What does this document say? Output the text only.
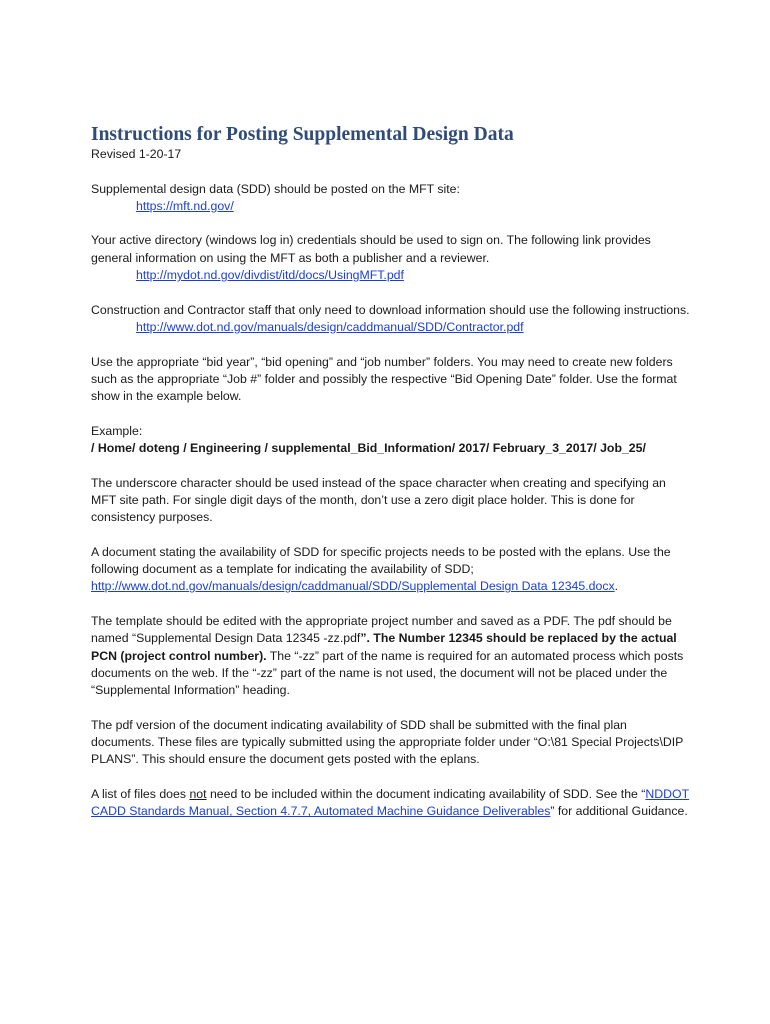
Instructions for Posting Supplemental Design Data

Revised 1-20-17

Supplemental design data (SDD) should be posted on the MFT site:
https://mft.nd.gov/

Your active directory (windows log in) credentials should be used to sign on. The following link provides general information on using the MFT as both a publisher and a reviewer.
http://mydot.nd.gov/divdist/itd/docs/UsingMFT.pdf

Construction and Contractor staff that only need to download information should use the following instructions.
http://www.dot.nd.gov/manuals/design/caddmanual/SDD/Contractor.pdf

Use the appropriate “bid year”, “bid opening” and “job number” folders. You may need to create new folders such as the appropriate “Job #” folder and possibly the respective “Bid Opening Date” folder. Use the format show in the example below.

Example:
/ Home/ doteng / Engineering / supplemental_Bid_Information/ 2017/ February_3_2017/ Job_25/

The underscore character should be used instead of the space character when creating and specifying an MFT site path. For single digit days of the month, don’t use a zero digit place holder. This is done for consistency purposes.

A document stating the availability of SDD for specific projects needs to be posted with the eplans. Use the following document as a template for indicating the availability of SDD;
http://www.dot.nd.gov/manuals/design/caddmanual/SDD/Supplemental Design Data 12345.docx.

The template should be edited with the appropriate project number and saved as a PDF. The pdf should be named “Supplemental Design Data 12345 -zz.pdf”. The Number 12345 should be replaced by the actual PCN (project control number). The “-zz” part of the name is required for an automated process which posts documents on the web. If the “-zz” part of the name is not used, the document will not be placed under the “Supplemental Information” heading.

The pdf version of the document indicating availability of SDD shall be submitted with the final plan documents. These files are typically submitted using the appropriate folder under “O:\81 Special Projects\DIP PLANS”. This should ensure the document gets posted with the eplans.

A list of files does not need to be included within the document indicating availability of SDD. See the “NDDOT CADD Standards Manual, Section 4.7.7, Automated Machine Guidance Deliverables” for additional Guidance.
